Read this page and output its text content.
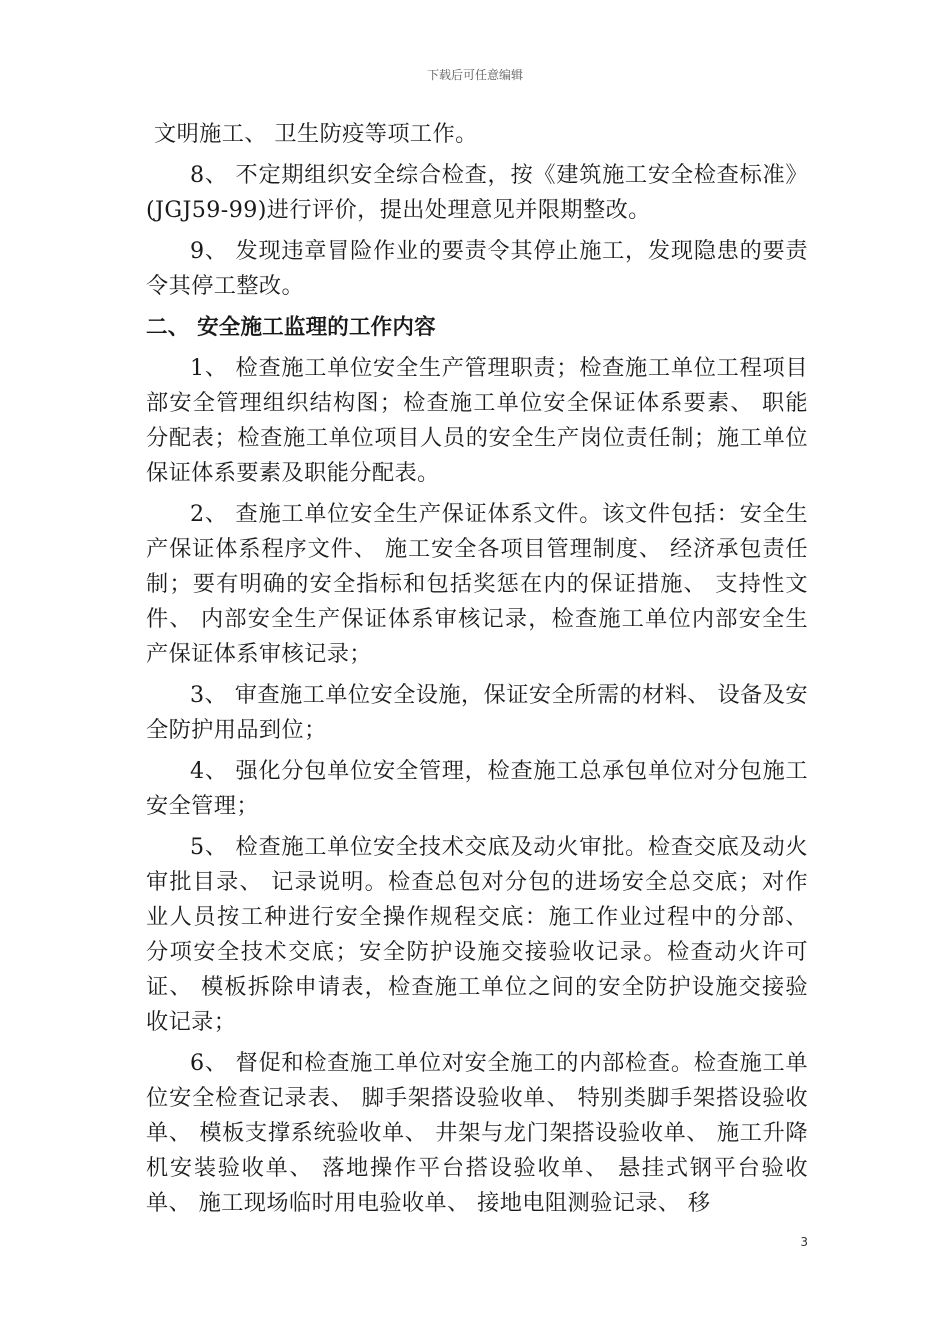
下载后可任意编辑

文明施工、 卫生防疫等项工作。

8、 不定期组织安全综合检查，按《建筑施工安全检查标准》(JGJ59-99)进行评价，提出处理意见并限期整改。

9、 发现违章冒险作业的要责令其停止施工，发现隐患的要责令其停工整改。

二、 安全施工监理的工作内容

1、 检查施工单位安全生产管理职责；检查施工单位工程项目部安全管理组织结构图；检查施工单位安全保证体系要素、 职能分配表；检查施工单位项目人员的安全生产岗位责任制；施工单位保证体系要素及职能分配表。

2、 查施工单位安全生产保证体系文件。该文件包括：安全生产保证体系程序文件、 施工安全各项目管理制度、 经济承包责任制；要有明确的安全指标和包括奖惩在内的保证措施、 支持性文件、 内部安全生产保证体系审核记录，检查施工单位内部安全生产保证体系审核记录；

3、 审查施工单位安全设施，保证安全所需的材料、 设备及安全防护用品到位；

4、 强化分包单位安全管理，检查施工总承包单位对分包施工安全管理；

5、 检查施工单位安全技术交底及动火审批。检查交底及动火审批目录、 记录说明。检查总包对分包的进场安全总交底；对作业人员按工种进行安全操作规程交底：施工作业过程中的分部、 分项安全技术交底；安全防护设施交接验收记录。检查动火许可证、 模板拆除申请表，检查施工单位之间的安全防护设施交接验收记录；

6、 督促和检查施工单位对安全施工的内部检查。检查施工单位安全检查记录表、 脚手架搭设验收单、 特别类脚手架搭设验收单、 模板支撑系统验收单、 井架与龙门架搭设验收单、 施工升降机安装验收单、 落地操作平台搭设验收单、 悬挂式钢平台验收单、 施工现场临时用电验收单、 接地电阻测验记录、 移

3
